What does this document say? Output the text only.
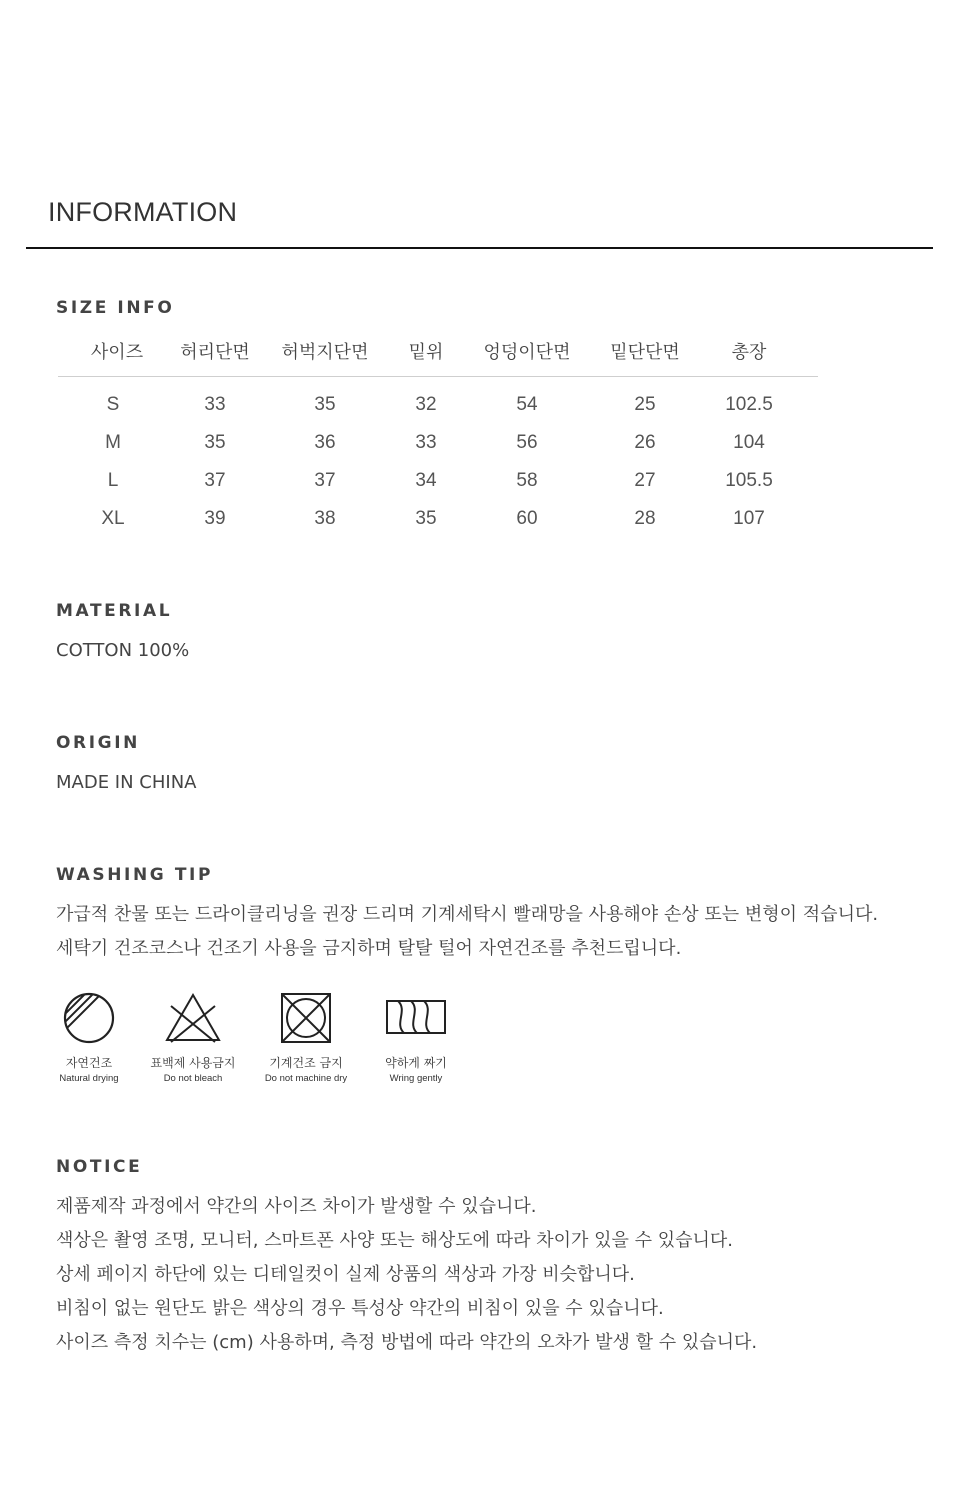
INFORMATION
SIZE INFO
사이즈 허리단면 허벅지단면 밑위 엉덩이단면 밑단단면	총장
S	33	35	32	54	25	102.5
M	35	36	33	56	26	104
L	37	37	34	58	27	105.5
XL	39	38	35	60	28	107
MATERIAL
COTTON 100%
ORIGIN
MADE IN CHINA
WASHING TIP
가급적 찬물 또는 드라이클리닝을 권장 드리며 기계세탁시 빨래망을 사용해야 손상 또는 변형이 적습니다.
세탁기 건조코스나 건조기 사용을 금지하며 탈탈 털어 자연건조를 추천드립니다.
자연건조
Natural drying
표백제 사용금지
Do not bleach
기계건조 금지
Do not machine dry
약하게 짜기
Wring gently
NOTICE
제품제작 과정에서 약간의 사이즈 차이가 발생할 수 있습니다.
색상은 촬영 조명, 모니터, 스마트폰 사양 또는 해상도에 따라 차이가 있을 수 있습니다.
상세 페이지 하단에 있는 디테일컷이 실제 상품의 색상과 가장 비슷합니다.
비침이 없는 원단도 밝은 색상의 경우 특성상 약간의 비침이 있을 수 있습니다.
사이즈 측정 치수는 (cm) 사용하며, 측정 방법에 따라 약간의 오차가 발생 할 수 있습니다.
